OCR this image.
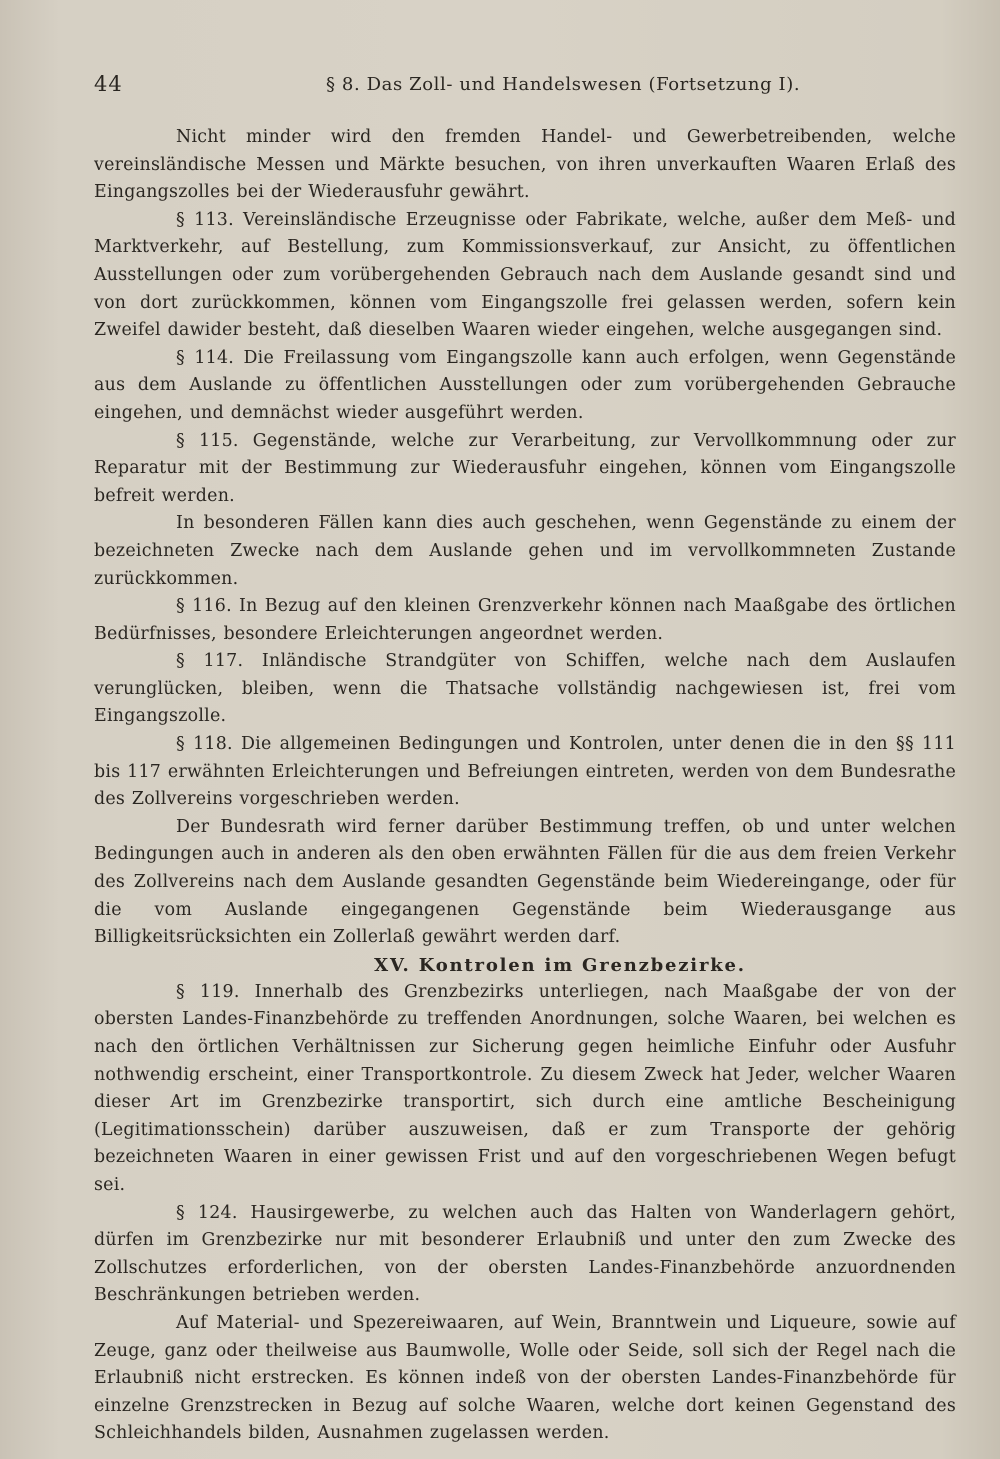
44	§ 8. Das Zoll- und Handelswesen (Fortsetzung I).

Nicht minder wird den fremden Handel- und Gewerbetreibenden, welche vereinsländische Messen und Märkte besuchen, von ihren unverkauften Waaren Erlaß des Eingangszolles bei der Wiederausfuhr gewährt.

§ 113. Vereinsländische Erzeugnisse oder Fabrikate, welche, außer dem Meß- und Marktverkehr, auf Bestellung, zum Kommissionsverkauf, zur Ansicht, zu öffentlichen Ausstellungen oder zum vorübergehenden Gebrauch nach dem Auslande gesandt sind und von dort zurückkommen, können vom Eingangszolle frei gelassen werden, sofern kein Zweifel dawider besteht, daß dieselben Waaren wieder eingehen, welche ausgegangen sind.

§ 114. Die Freilassung vom Eingangszolle kann auch erfolgen, wenn Gegenstände aus dem Auslande zu öffentlichen Ausstellungen oder zum vorübergehenden Gebrauche eingehen, und demnächst wieder ausgeführt werden.

§ 115. Gegenstände, welche zur Verarbeitung, zur Vervollkommnung oder zur Reparatur mit der Bestimmung zur Wiederausfuhr eingehen, können vom Eingangszolle befreit werden.

In besonderen Fällen kann dies auch geschehen, wenn Gegenstände zu einem der bezeichneten Zwecke nach dem Auslande gehen und im vervollkommneten Zustande zurückkommen.

§ 116. In Bezug auf den kleinen Grenzverkehr können nach Maaßgabe des örtlichen Bedürfnisses, besondere Erleichterungen angeordnet werden.

§ 117. Inländische Strandgüter von Schiffen, welche nach dem Auslaufen verunglücken, bleiben, wenn die Thatsache vollständig nachgewiesen ist, frei vom Eingangszolle.

§ 118. Die allgemeinen Bedingungen und Kontrolen, unter denen die in den §§ 111 bis 117 erwähnten Erleichterungen und Befreiungen eintreten, werden von dem Bundesrathe des Zollvereins vorgeschrieben werden.

Der Bundesrath wird ferner darüber Bestimmung treffen, ob und unter welchen Bedingungen auch in anderen als den oben erwähnten Fällen für die aus dem freien Verkehr des Zollvereins nach dem Auslande gesandten Gegenstände beim Wiedereingange, oder für die vom Auslande eingegangenen Gegenstände beim Wiederausgange aus Billigkeitsrücksichten ein Zollerlaß gewährt werden darf.

XV. Kontrolen im Grenzbezirke.

§ 119. Innerhalb des Grenzbezirks unterliegen, nach Maaßgabe der von der obersten Landes-Finanzbehörde zu treffenden Anordnungen, solche Waaren, bei welchen es nach den örtlichen Verhältnissen zur Sicherung gegen heimliche Einfuhr oder Ausfuhr nothwendig erscheint, einer Transportkontrole. Zu diesem Zweck hat Jeder, welcher Waaren dieser Art im Grenzbezirke transportirt, sich durch eine amtliche Bescheinigung (Legitimationsschein) darüber auszuweisen, daß er zum Transporte der gehörig bezeichneten Waaren in einer gewissen Frist und auf den vorgeschriebenen Wegen befugt sei.

§ 124. Hausirgewerbe, zu welchen auch das Halten von Wanderlagern gehört, dürfen im Grenzbezirke nur mit besonderer Erlaubniß und unter den zum Zwecke des Zollschutzes erforderlichen, von der obersten Landes-Finanzbehörde anzuordnenden Beschränkungen betrieben werden.

Auf Material- und Spezereiwaaren, auf Wein, Branntwein und Liqueure, sowie auf Zeuge, ganz oder theilweise aus Baumwolle, Wolle oder Seide, soll sich der Regel nach die Erlaubniß nicht erstrecken. Es können indeß von der obersten Landes-Finanzbehörde für einzelne Grenzstrecken in Bezug auf solche Waaren, welche dort keinen Gegenstand des Schleichhandels bilden, Ausnahmen zugelassen werden.
